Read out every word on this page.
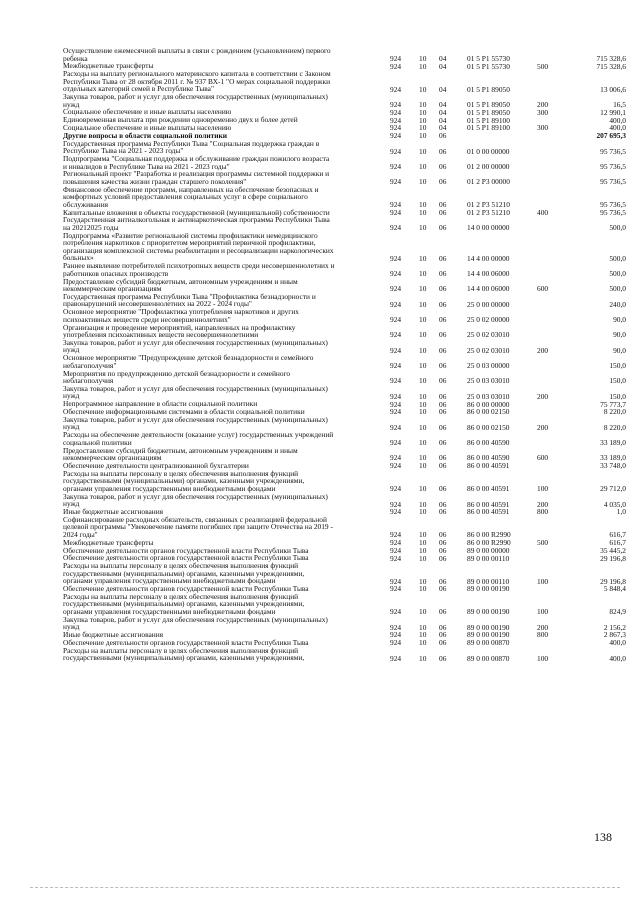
Осуществление ежемесячной выплаты в связи с рождением (усыновлением) первого
ребенка	924	10	04	01 5 P1 55730	715 328,6
Межбюджетные трансферты	924	10	04	01 5 P1 55730	500	715 328,6
Расходы на выплату регионального материнского капитала в соответствии с Законом
Республики Тыва от 28 октября 2011 г. № 937 ВХ-1 "О мерах социальной поддержки
отдельных категорий семей в Республике Тыва"	924	10	04	01 5 P1 89050	13 006,6
Закупка товаров, работ и услуг для обеспечения государственных (муниципальных)
нужд	924	10	04	01 5 P1 89050	200	16,5
Социальное обеспечение и иные выплаты населению	924	10	04	01 5 P1 89050	300	12 990,1
Единовременная выплата при рождении одновременно двух и более детей	924	10	04	01 5 P1 89100	400,0
Социальное обеспечение и иные выплаты населению	924	10	04	01 5 P1 89100	300	400,0
Другие вопросы в области социальной политики	924	10	06	207 695,3
Государственная программа Республики Тыва "Социальная поддержка граждан в
Республике Тыва на 2021 - 2023 годы"	924	10	06	01 0 00 00000	95 736,5
Подпрограмма "Социальная поддержка и обслуживание граждан пожилого возраста
и инвалидов в Республике Тыва на 2021 - 2023 годы"	924	10	06	01 2 00 00000	95 736,5
Региональный проект "Разработка и реализация программы системной поддержки и
повышения качества жизни граждан старшего поколения"	924	10	06	01 2 P3 00000	95 736,5
Финансовое обеспечение программ, направленных на обеспечение безопасных и
комфортных условий предоставления социальных услуг в сфере социального
обслуживания	924	10	06	01 2 P3 51210	95 736,5
Капитальные вложения в объекты государственной (муниципальной) собственности	924	10	06	01 2 P3 51210	400	95 736,5
Государственная антиалкогольная и антинаркотическая программа Республики Тыва
на 20212025 годы	924	10	06	14 0 00 00000	500,0
Подпрограмма «Развитие региональной системы профилактики немедицинского
потребления наркотиков с приоритетом мероприятий первичной профилактики,
организация комплексной системы реабилитации и ресоциализации наркологических
больных»	924	10	06	14 4 00 00000	500,0
Раннее выявление потребителей психотропных веществ среди несовершеннолетних и
работников опасных производств	924	10	06	14 4 00 06000	500,0
Предоставление субсидий бюджетным, автономным учреждениям и иным
некоммерческим организациям	924	10	06	14 4 00 06000	600	500,0
Государственная программа Республики Тыва "Профилактика безнадзорности и
правонарушений несовершеннолетних на 2022 - 2024 годы"	924	10	06	25 0 00 00000	240,0
Основное мероприятие "Профилактика употребления наркотиков и других
психоактивных веществ среди несовершеннолетних"	924	10	06	25 0 02 00000	90,0
Организация и проведение мероприятий, направленных на профилактику
употребления психоактивных веществ несовершеннолетними	924	10	06	25 0 02 03010	90,0
Закупка товаров, работ и услуг для обеспечения государственных (муниципальных)
нужд	924	10	06	25 0 02 03010	200	90,0
Основное мероприятие "Предупреждение детской безнадзорности и семейного
неблагополучия"	924	10	06	25 0 03 00000	150,0
Мероприятия по предупреждению детской безнадзорности и семейного
неблагополучия	924	10	06	25 0 03 03010	150,0
Закупка товаров, работ и услуг для обеспечения государственных (муниципальных)
нужд	924	10	06	25 0 03 03010	200	150,0
Непрограммное направление в области социальной политики	924	10	06	86 0 00 00000	75 773,7
Обеспечение информационными системами в области социальной политики	924	10	06	86 0 00 02150	8 220,0
Закупка товаров, работ и услуг для обеспечения государственных (муниципальных)
нужд	924	10	06	86 0 00 02150	200	8 220,0
Расходы на обеспечение деятельности (оказание услуг) государственных учреждений
социальной политики	924	10	06	86 0 00 40590	33 189,0
Предоставление субсидий бюджетным, автономным учреждениям и иным
некоммерческим организациям	924	10	06	86 0 00 40590	600	33 189,0
Обеспечение деятельности централизованной бухгалтерии	924	10	06	86 0 00 40591	33 748,0
Расходы на выплаты персоналу в целях обеспечения выполнения функций
государственными (муниципальными) органами, казенными учреждениями,
органами управления государственными внебюджетными фондами	924	10	06	86 0 00 40591	100	29 712,0
Закупка товаров, работ и услуг для обеспечения государственных (муниципальных)
нужд	924	10	06	86 0 00 40591	200	4 035,0
Иные бюджетные ассигнования	924	10	06	86 0 00 40591	800	1,0
Софинансирование расходных обязательств, связанных с реализацией федеральной
целевой программы "Увековечение памяти погибших при защите Отечества на 2019 -
2024 годы"	924	10	06	86 0 00 R2990	616,7
Межбюджетные трансферты	924	10	06	86 0 00 R2990	500	616,7
Обеспечение деятельности органов государственной власти Республики Тыва	924	10	06	89 0 00 00000	35 445,2
Обеспечение деятельности органов государственной власти Республики Тыва	924	10	06	89 0 00 00110	29 196,8
Расходы на выплаты персоналу в целях обеспечения выполнения функций
государственными (муниципальными) органами, казенными учреждениями,
органами управления государственными внебюджетными фондами	924	10	06	89 0 00 00110	100	29 196,8
Обеспечение деятельности органов государственной власти Республики Тыва	924	10	06	89 0 00 00190	5 848,4
Расходы на выплаты персоналу в целях обеспечения выполнения функций
государственными (муниципальными) органами, казенными учреждениями,
органами управления государственными внебюджетными фондами	924	10	06	89 0 00 00190	100	824,9
Закупка товаров, работ и услуг для обеспечения государственных (муниципальных)
нужд	924	10	06	89 0 00 00190	200	2 156,2
Иные бюджетные ассигнования	924	10	06	89 0 00 00190	800	2 867,3
Обеспечение деятельности органов государственной власти Республики Тыва	924	10	06	89 0 00 00870	400,0
Расходы на выплаты персоналу в целях обеспечения выполнения функций
государственными (муниципальными) органами, казенными учреждениями,	924	10	06	89 0 00 00870	100	400,0
138
